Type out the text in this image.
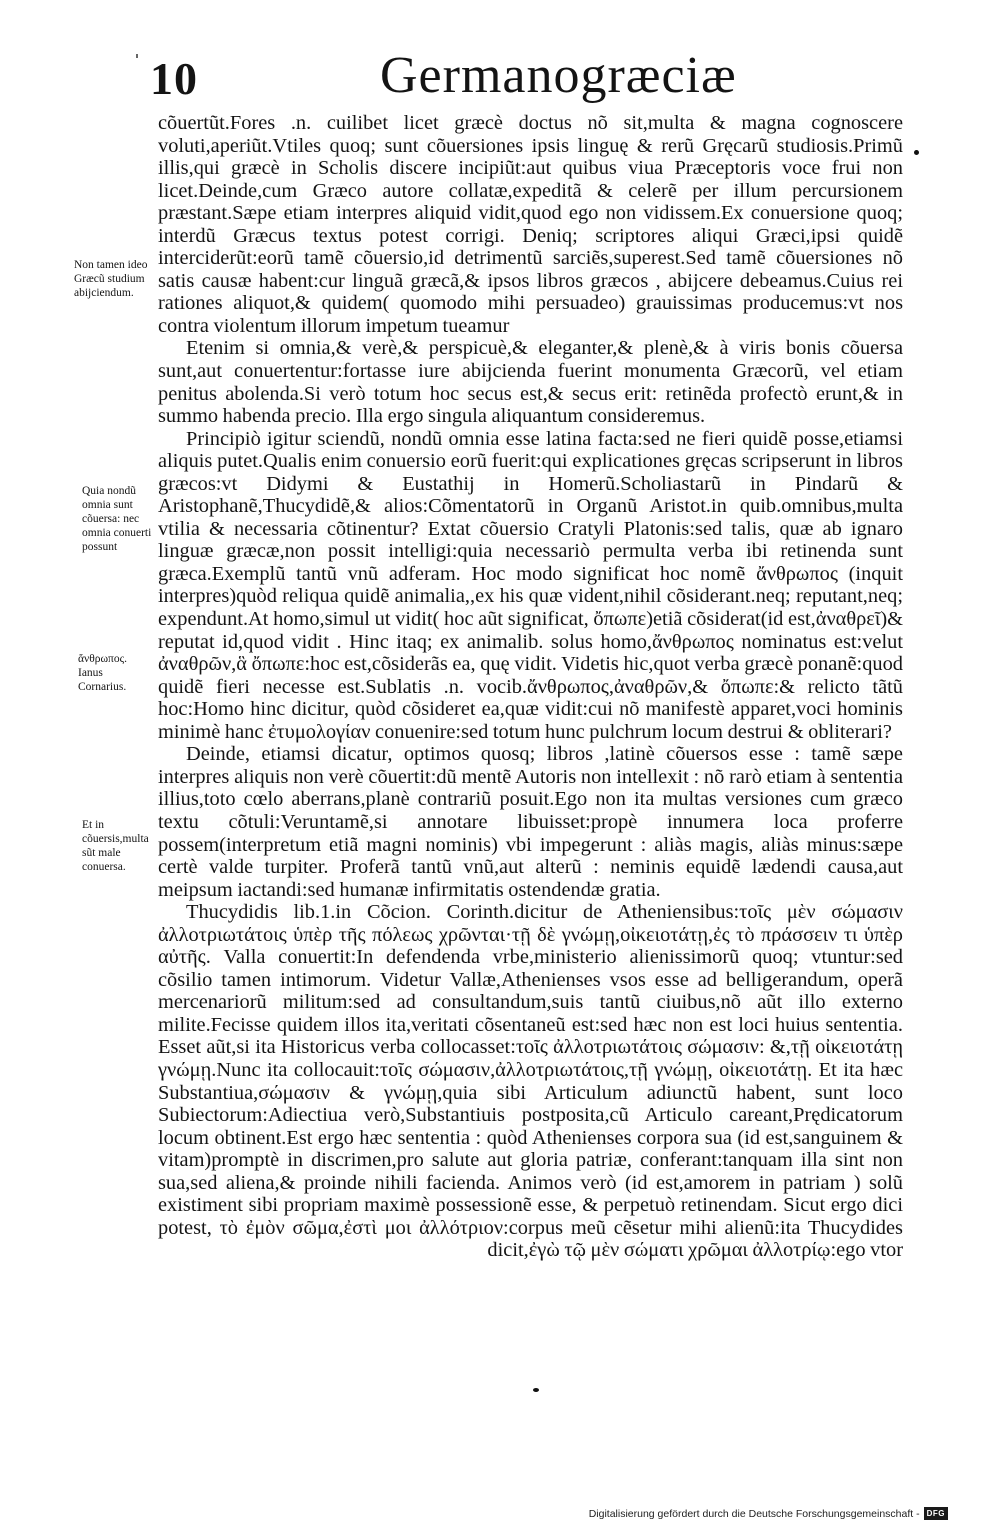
10	Germanogræciæ
Non tamen ideo Græcũ studium abijciendum.
Quia nondũ omnia sunt cõuersa: nec omnia conuerti possunt
ἄνθρωπος. Ianus Cornarius.
Et in cõuersis,multa sũt male conuersa.

cõuertũt.Fores .n. cuilibet licet græcè doctus nõ sit,multa & magna cognoscere voluti,aperiũt.Vtiles quoq; sunt cõuersiones ipsis linguę & rerũ Gręcarũ studiosis.Primũ illis,qui græcè in Scholis discere incipiũt:aut quibus viua Præceptoris voce frui non licet.Deinde,cum Græco autore collatæ,expeditã & celerẽ per illum percursionem præstant.Sæpe etiam interpres aliquid vidit,quod ego non vidissem.Ex conuersione quoq; interdũ Græcus textus potest corrigi. Deniq; scriptores aliqui Græci,ipsi quidẽ interciderũt:eorũ tamẽ cõuersio,id detrimentũ sarciẽs,superest.Sed tamẽ cõuersiones nõ satis causæ habent:cur linguã græcã,& ipsos libros græcos , abijcere debeamus.Cuius rei rationes aliquot,& quidem( quomodo mihi persuadeo) grauissimas producemus:vt nos contra violentum illorum impetum tueamur

Etenim si omnia,& verè,& perspicuè,& eleganter,& plenè,& à viris bonis cõuersa sunt,aut conuertentur:fortasse iure abijcienda fuerint monumenta Græcorũ, vel etiam penitus abolenda.Si verò totum hoc secus est,& secus erit: retinẽda profectò erunt,& in summo habenda precio. Illa ergo singula aliquantum consideremus.

Principiò igitur sciendũ, nondũ omnia esse latina facta:sed ne fieri quidẽ posse,etiamsi aliquis putet.Qualis enim conuersio eorũ fuerit:qui explicationes gręcas scripserunt in libros græcos:vt Didymi & Eustathij in Homerũ.Scholiastarũ in Pindarũ & Aristophanẽ,Thucydidẽ,& alios:Cõmentatorũ in Organũ Aristot.in quib.omnibus,multa vtilia & necessaria cõtinentur? Extat cõuersio Cratyli Platonis:sed talis, quæ ab ignaro linguæ græcæ,non possit intelligi:quia necessariò permulta verba ibi retinenda sunt græca.Exemplũ tantũ vnũ adferam. Hoc modo significat hoc nomẽ ἄνθρωπος (inquit interpres)quòd reliqua quidẽ animalia,,ex his quæ vident,nihil cõsiderant.neq; reputant,neq; expendunt.At homo,simul ut vidit( hoc aũt significat, ὄπωπε)etiã cõsiderat(id est,ἀναθρεῖ)& reputat id,quod vidit . Hinc itaq; ex animalib. solus homo,ἄνθρωπος nominatus est:velut ἀναθρῶν,ἃ ὄπωπε:hoc est,cõsiderãs ea, quę vidit. Videtis hic,quot verba græcè ponanẽ:quod quidẽ fieri necesse est.Sublatis .n. vocib.ἄνθρωπος,ἀναθρῶν,& ὄπωπε:& relicto tãtũ hoc:Homo hinc dicitur, quòd cõsideret ea,quæ vidit:cui nõ manifestè apparet,voci hominis minimè hanc ἐτυμολογίαν conuenire:sed totum hunc pulchrum locum destrui & obliterari?

Deinde, etiamsi dicatur, optimos quosq; libros ,latinè cõuersos esse : tamẽ sæpe interpres aliquis non verè cõuertit:dũ mentẽ Autoris non intellexit : nõ rarò etiam à sententia illius,toto cœlo aberrans,planè contrariũ posuit.Ego non ita multas versiones cum græco textu cõtuli:Veruntamẽ,si annotare libuisset:propè innumera loca proferre possem(interpretum etiã magni nominis) vbi impegerunt : aliàs magis, aliàs minus:sæpe certè valde turpiter. Proferã tantũ vnũ,aut alterũ : neminis equidẽ lædendi causa,aut meipsum iactandi:sed humanæ infirmitatis ostendendæ gratia.

Thucydidis lib.1.in Cõcion. Corinth.dicitur de Atheniensibus:τοῖς μὲν σώμασιν ἀλλοτριωτάτοις ὑπὲρ τῆς πόλεως χρῶνται·τῇ δὲ γνώμῃ,οἰκειοτάτῃ,ἐς τὸ πράσσειν τι ὑπὲρ αὐτῆς. Valla conuertit:In defendenda vrbe,ministerio alienissimorũ quoq; vtuntur:sed cõsilio tamen intimorum. Videtur Vallæ,Athenienses vsos esse ad belligerandum, operã mercenariorũ militum:sed ad consultandum,suis tantũ ciuibus,nõ aũt illo externo milite.Fecisse quidem illos ita,veritati cõsentaneũ est:sed hæc non est loci huius sententia. Esset aũt,si ita Historicus verba collocasset:τοῖς ἀλλοτριωτάτοις σώμασιν: &,τῇ οἰκειοτάτῃ γνώμῃ.Nunc ita collocauit:τοῖς σώμασιν,ἀλλοτριωτάτοις,τῇ γνώμῃ, οἰκειοτάτῃ. Et ita hæc Substantiua,σώμασιν & γνώμῃ,quia sibi Articulum adiunctũ habent, sunt loco Subiectorum:Adiectiua verò,Substantiuis postposita,cũ Articulo careant,Prędicatorum locum obtinent.Est ergo hæc sententia : quòd Athenienses corpora sua (id est,sanguinem & vitam)promptè in discrimen,pro salute aut gloria patriæ, conferant:tanquam illa sint non sua,sed aliena,& proinde nihili facienda. Animos verò (id est,amorem in patriam ) solũ existiment sibi propriam maximè possessionẽ esse, & perpetuò retinendam. Sicut ergo dici potest, τὸ ἐμὸν σῶμα,ἐστὶ μοι ἀλλότριον:corpus meũ cẽsetur mihi alienũ:ita Thucydides dicit,ἐγὼ τῷ μὲν σώματι χρῶμαι ἀλλοτρίῳ:ego vtor

Digitalisierung gefördert durch die Deutsche Forschungsgemeinschaft - DFG
